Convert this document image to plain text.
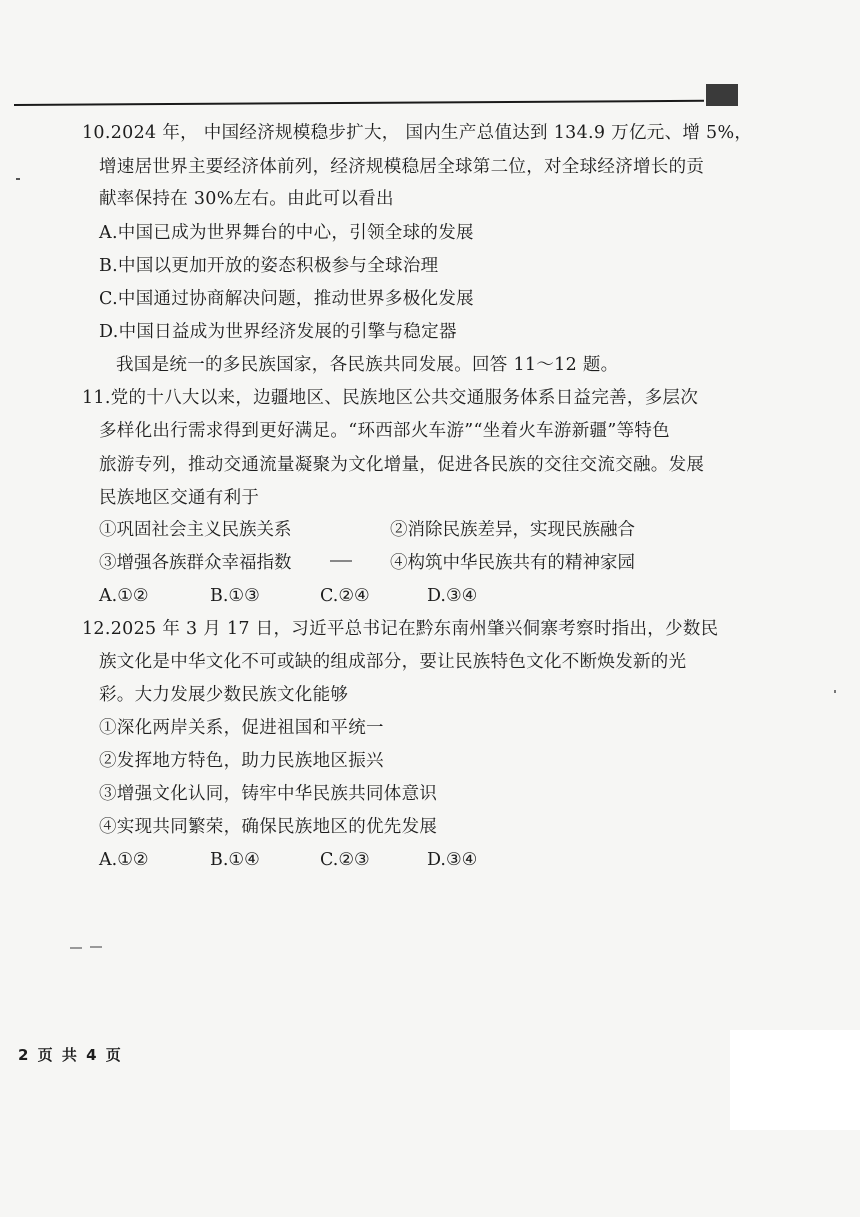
10.2024 年， 中国经济规模稳步扩大， 国内生产总值达到 134.9 万亿元、增 5%，
增速居世界主要经济体前列，经济规模稳居全球第二位，对全球经济增长的贡
献率保持在 30%左右。由此可以看出
A.中国已成为世界舞台的中心，引领全球的发展
B.中国以更加开放的姿态积极参与全球治理
C.中国通过协商解决问题，推动世界多极化发展
D.中国日益成为世界经济发展的引擎与稳定器
我国是统一的多民族国家，各民族共同发展。回答 11～12 题。
11.党的十八大以来，边疆地区、民族地区公共交通服务体系日益完善，多层次
多样化出行需求得到更好满足。“环西部火车游”“坐着火车游新疆”等特色
旅游专列，推动交通流量凝聚为文化增量，促进各民族的交往交流交融。发展
民族地区交通有利于
①巩固社会主义民族关系	②消除民族差异，实现民族融合
③增强各族群众幸福指数	④构筑中华民族共有的精神家园
A.①②	B.①③	C.②④	D.③④
12.2025 年 3 月 17 日，习近平总书记在黔东南州肇兴侗寨考察时指出，少数民
族文化是中华文化不可或缺的组成部分，要让民族特色文化不断焕发新的光
彩。大力发展少数民族文化能够
①深化两岸关系，促进祖国和平统一
②发挥地方特色，助力民族地区振兴
③增强文化认同，铸牢中华民族共同体意识
④实现共同繁荣，确保民族地区的优先发展
A.①②	B.①④	C.②③	D.③④
2 页 共 4 页
